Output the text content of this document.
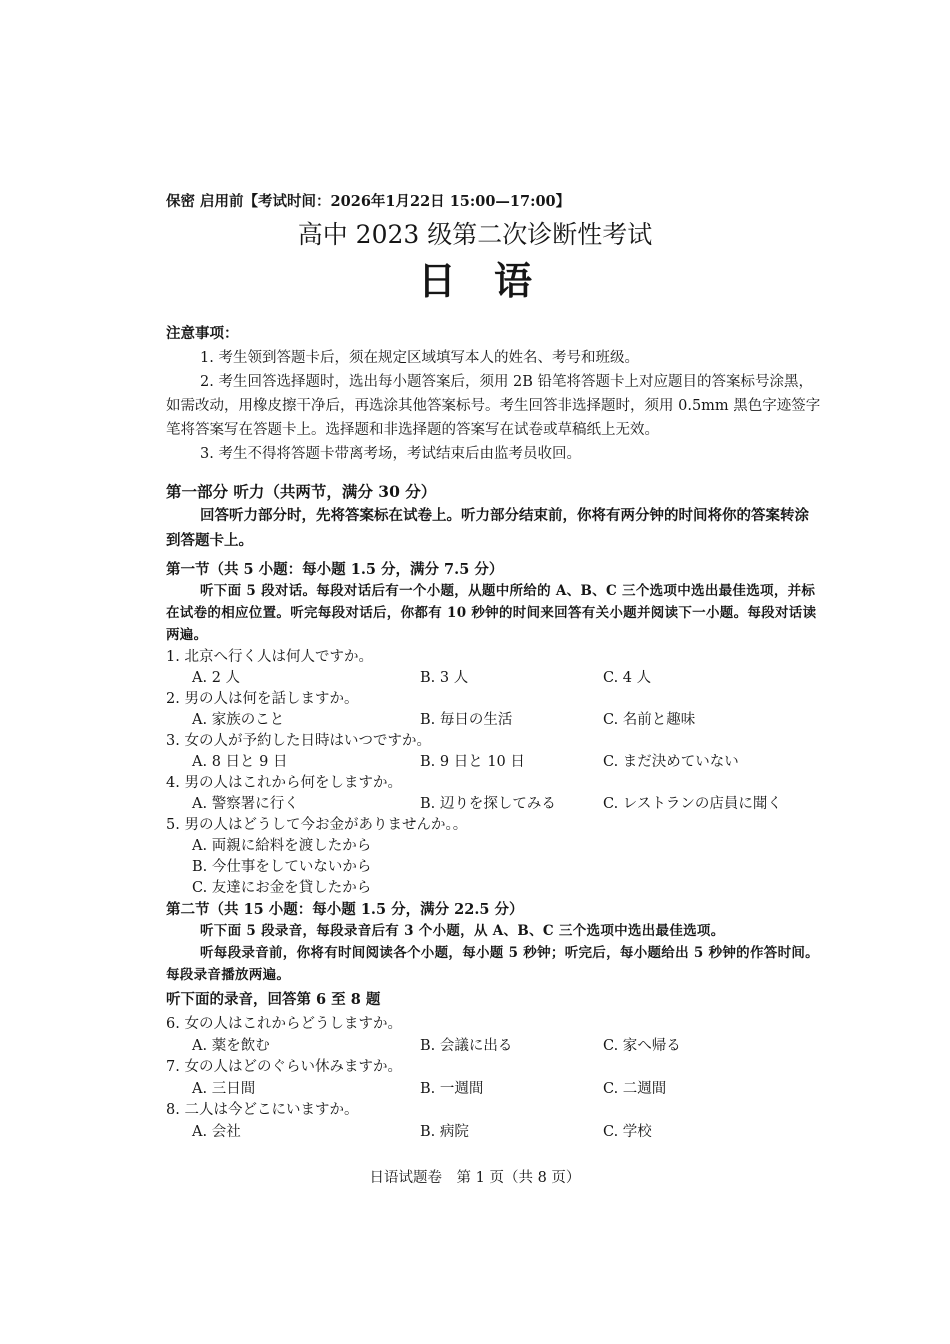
保密 启用前【考试时间：2026年1月22日 15:00—17:00】
高中 2023 级第二次诊断性考试
日　语

注意事项：

1. 考生领到答题卡后，须在规定区域填写本人的姓名、考号和班级。

2. 考生回答选择题时，选出每小题答案后，须用 2B 铅笔将答题卡上对应题目的答案标号涂黑，如需改动，用橡皮擦干净后，再选涂其他答案标号。考生回答非选择题时，须用 0.5mm 黑色字迹签字笔将答案写在答题卡上。选择题和非选择题的答案写在试卷或草稿纸上无效。

3. 考生不得将答题卡带离考场，考试结束后由监考员收回。

第一部分 听力（共两节，满分 30 分）

回答听力部分时，先将答案标在试卷上。听力部分结束前，你将有两分钟的时间将你的答案转涂到答题卡上。

第一节（共 5 小题：每小题 1.5 分，满分 7.5 分）

听下面 5 段对话。每段对话后有一个小题，从题中所给的 A、B、C 三个选项中选出最佳选项，并标在试卷的相应位置。听完每段对话后，你都有 10 秒钟的时间来回答有关小题并阅读下一小题。每段对话读两遍。

1. 北京へ行く人は何人ですか。
A. 2 人	B. 3 人	C. 4 人
2. 男の人は何を話しますか。
A. 家族のこと	B. 毎日の生活	C. 名前と趣味
3. 女の人が予約した日時はいつですか。
A. 8 日と 9 日	B. 9 日と 10 日	C. まだ決めていない
4. 男の人はこれから何をしますか。
A. 警察署に行く	B. 辺りを探してみる	C. レストランの店員に聞く
5. 男の人はどうして今お金がありませんか。。
A. 両親に給料を渡したから
B. 今仕事をしていないから
C. 友達にお金を貸したから
第二节（共 15 小题：每小题 1.5 分，满分 22.5 分）

听下面 5 段录音，每段录音后有 3 个小题，从 A、B、C 三个选项中选出最佳选项。

听每段录音前，你将有时间阅读各个小题，每小题 5 秒钟；听完后，每小题给出 5 秒钟的作答时间。每段录音播放两遍。

听下面的录音，回答第 6 至 8 题
6. 女の人はこれからどうしますか。
A. 薬を飲む	B. 会議に出る	C. 家へ帰る
7. 女の人はどのぐらい休みますか。
A. 三日間	B. 一週間	C. 二週間
8. 二人は今どこにいますか。
A. 会社	B. 病院	C. 学校
日语试题卷　第 1 页（共 8 页）
